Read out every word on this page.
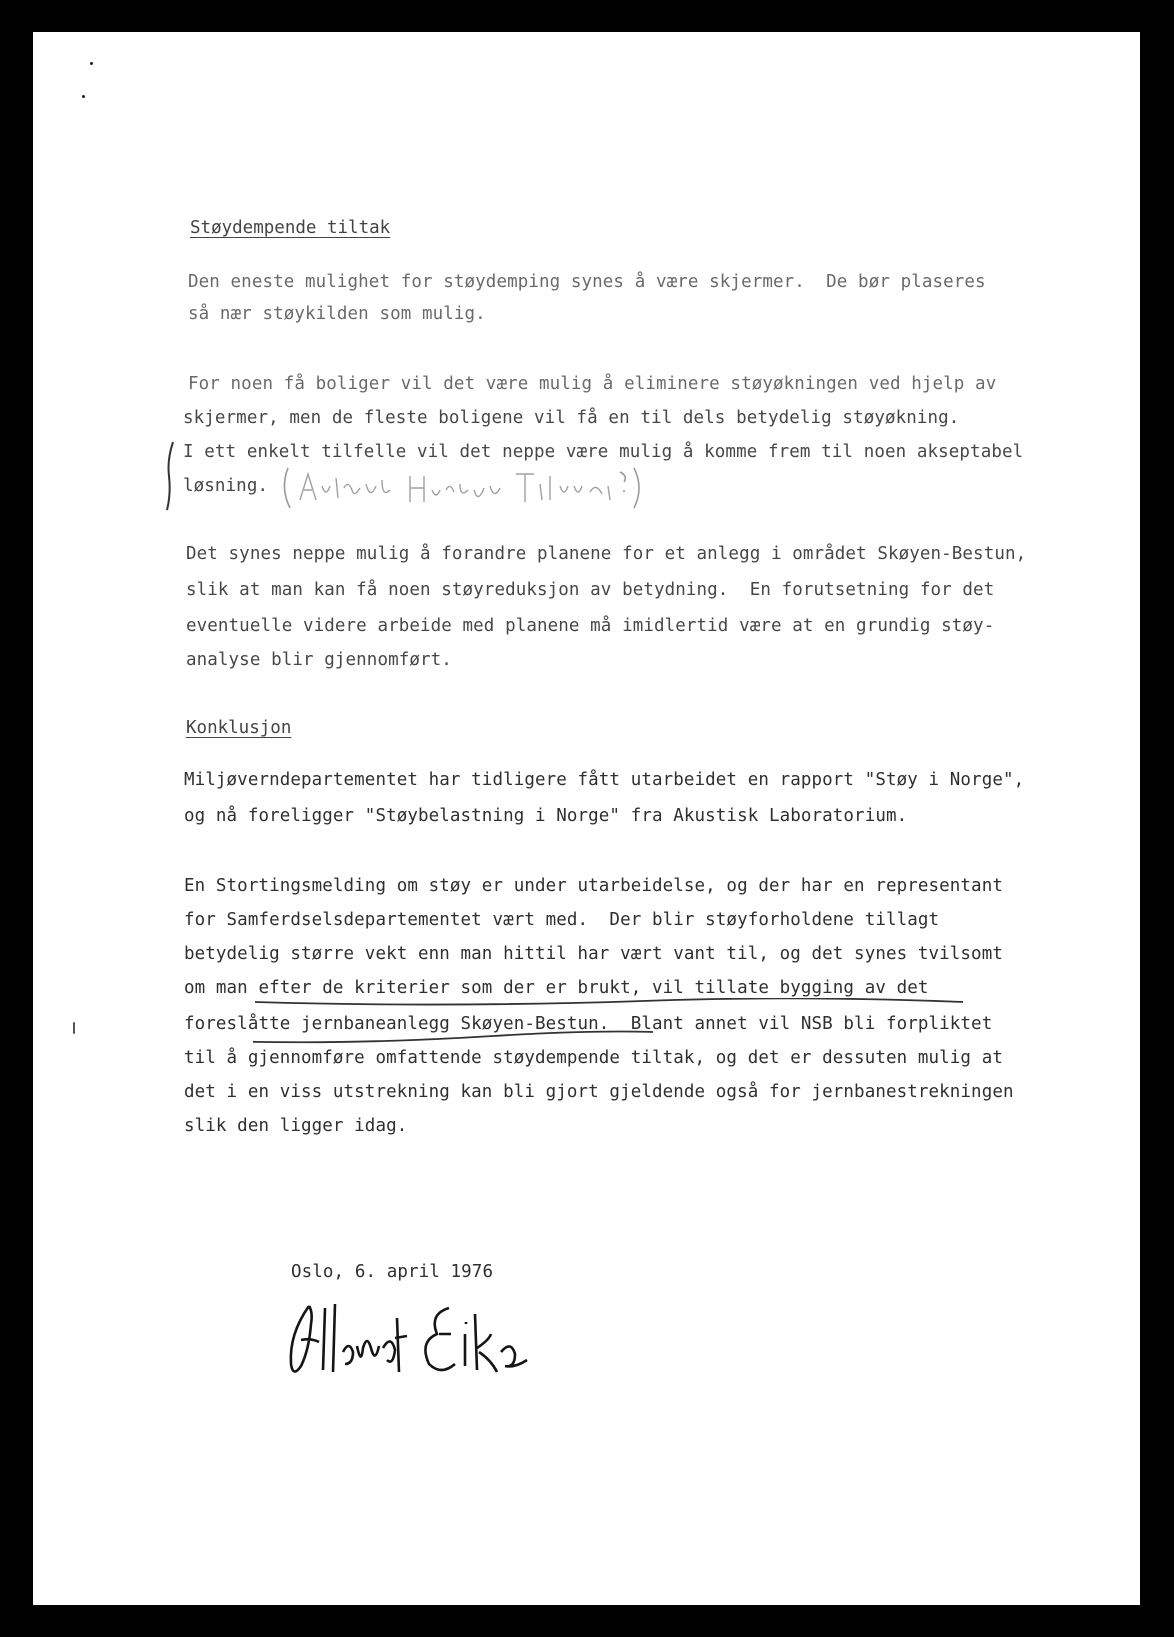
Støydempende tiltak
Den eneste mulighet for støydemping synes å være skjermer.  De bør plaseres
så nær støykilden som mulig.
For noen få boliger vil det være mulig å eliminere støyøkningen ved hjelp av
skjermer, men de fleste boligene vil få en til dels betydelig støyøkning.
I ett enkelt tilfelle vil det neppe være mulig å komme frem til noen akseptabel
løsning.
Det synes neppe mulig å forandre planene for et anlegg i området Skøyen-Bestun,
slik at man kan få noen støyreduksjon av betydning.  En forutsetning for det
eventuelle videre arbeide med planene må imidlertid være at en grundig støy-
analyse blir gjennomført.
Konklusjon
Miljøverndepartementet har tidligere fått utarbeidet en rapport "Støy i Norge",
og nå foreligger "Støybelastning i Norge" fra Akustisk Laboratorium.
En Stortingsmelding om støy er under utarbeidelse, og der har en representant
for Samferdselsdepartementet vært med.  Der blir støyforholdene tillagt
betydelig større vekt enn man hittil har vært vant til, og det synes tvilsomt
om man efter de kriterier som der er brukt, vil tillate bygging av det
foreslåtte jernbaneanlegg Skøyen-Bestun.  Blant annet vil NSB bli forpliktet
til å gjennomføre omfattende støydempende tiltak, og det er dessuten mulig at
det i en viss utstrekning kan bli gjort gjeldende også for jernbanestrekningen
slik den ligger idag.
Oslo, 6. april 1976
